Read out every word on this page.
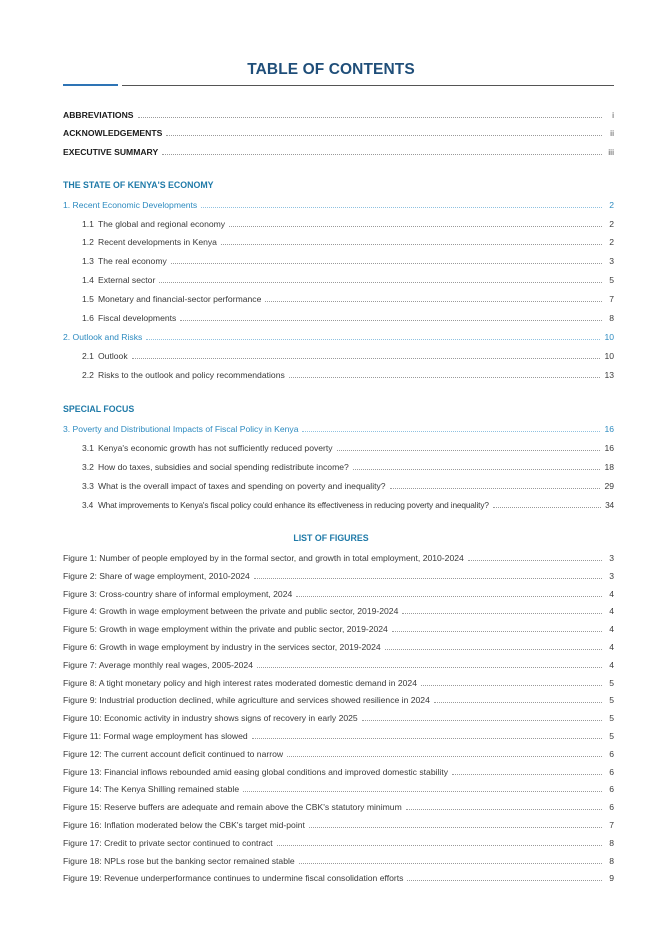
TABLE OF CONTENTS
ABBREVIATIONS	i
ACKNOWLEDGEMENTS	ii
EXECUTIVE SUMMARY	iii
THE STATE OF KENYA'S ECONOMY
1. Recent Economic Developments	2
1.1 The global and regional economy	2
1.2 Recent developments in Kenya	2
1.3 The real economy	3
1.4 External sector	5
1.5 Monetary and financial-sector performance	7
1.6 Fiscal developments	8
2. Outlook and Risks	10
2.1 Outlook	10
2.2 Risks to the outlook and policy recommendations	13
SPECIAL FOCUS
3. Poverty and Distributional Impacts of Fiscal Policy in Kenya	16
3.1 Kenya's economic growth has not sufficiently reduced poverty	16
3.2 How do taxes, subsidies and social spending redistribute income?	18
3.3 What is the overall impact of taxes and spending on poverty and inequality?	29
3.4 What improvements to Kenya's fiscal policy could enhance its effectiveness in reducing poverty and inequality?	34
LIST OF FIGURES
Figure 1: Number of people employed by in the formal sector, and growth in total employment, 2010-2024	3
Figure 2: Share of wage employment, 2010-2024	3
Figure 3: Cross-country share of informal employment, 2024	4
Figure 4: Growth in wage employment between the private and public sector, 2019-2024	4
Figure 5: Growth in wage employment within the private and public sector, 2019-2024	4
Figure 6: Growth in wage employment by industry in the services sector, 2019-2024	4
Figure 7: Average monthly real wages, 2005-2024	4
Figure 8: A tight monetary policy and high interest rates moderated domestic demand in 2024	5
Figure 9: Industrial production declined, while agriculture and services showed resilience in 2024	5
Figure 10: Economic activity in industry shows signs of recovery in early 2025	5
Figure 11: Formal wage employment has slowed	5
Figure 12: The current account deficit continued to narrow	6
Figure 13: Financial inflows rebounded amid easing global conditions and improved domestic stability	6
Figure 14: The Kenya Shilling remained stable	6
Figure 15: Reserve buffers are adequate and remain above the CBK's statutory minimum	6
Figure 16: Inflation moderated below the CBK's target mid-point	7
Figure 17: Credit to private sector continued to contract	8
Figure 18: NPLs rose but the banking sector remained stable	8
Figure 19: Revenue underperformance continues to undermine fiscal consolidation efforts	9
